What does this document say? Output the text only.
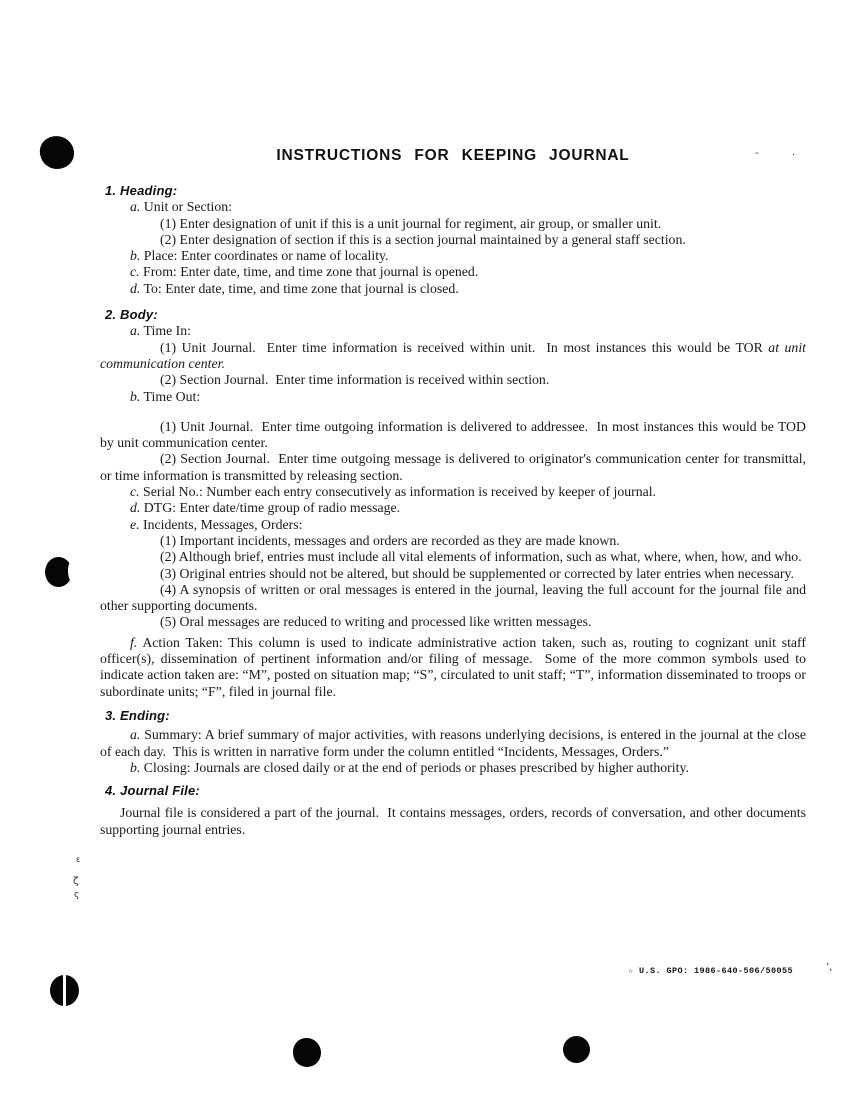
ε
ζ
ς
-	·
’,
INSTRUCTIONS FOR KEEPING JOURNAL
1. Heading:
a. Unit or Section:
(1) Enter designation of unit if this is a unit journal for regiment, air group, or smaller unit.
(2) Enter designation of section if this is a section journal maintained by a general staff section.
b. Place: Enter coordinates or name of locality.
c. From: Enter date, time, and time zone that journal is opened.
d. To: Enter date, time, and time zone that journal is closed.
2. Body:
a. Time In:
(1) Unit Journal.  Enter time information is received within unit.  In most instances this would be TOR at unit communication center.
(2) Section Journal.  Enter time information is received within section.
b. Time Out:
(1) Unit Journal.  Enter time outgoing information is delivered to addressee.  In most instances this would be TOD by unit communication center.
(2) Section Journal.  Enter time outgoing message is delivered to originator's communication center for transmittal, or time information is transmitted by releasing section.
c. Serial No.: Number each entry consecutively as information is received by keeper of journal.
d. DTG: Enter date/time group of radio message.
e. Incidents, Messages, Orders:
(1) Important incidents, messages and orders are recorded as they are made known.
(2) Although brief, entries must include all vital elements of information, such as what, where, when, how, and who.
(3) Original entries should not be altered, but should be supplemented or corrected by later entries when necessary.
(4) A synopsis of written or oral messages is entered in the journal, leaving the full account for the journal file and other supporting documents.
(5) Oral messages are reduced to writing and processed like written messages.
f. Action Taken: This column is used to indicate administrative action taken, such as, routing to cognizant unit staff officer(s), dissemination of pertinent information and/or filing of message.  Some of the more common symbols used to indicate action taken are: “M”, posted on situation map; “S”, circulated to unit staff; “T”, information disseminated to troops or subordinate units; “F”, filed in journal file.
3. Ending:
a. Summary: A brief summary of major activities, with reasons underlying decisions, is entered in the journal at the close of each day.  This is written in narrative form under the column entitled “Incidents, Messages, Orders.”
b. Closing: Journals are closed daily or at the end of periods or phases prescribed by higher authority.
4. Journal File:
Journal file is considered a part of the journal.  It contains messages, orders, records of conversation, and other documents supporting journal entries.
☆ U.S. GPO: 1986-640-506/50055
